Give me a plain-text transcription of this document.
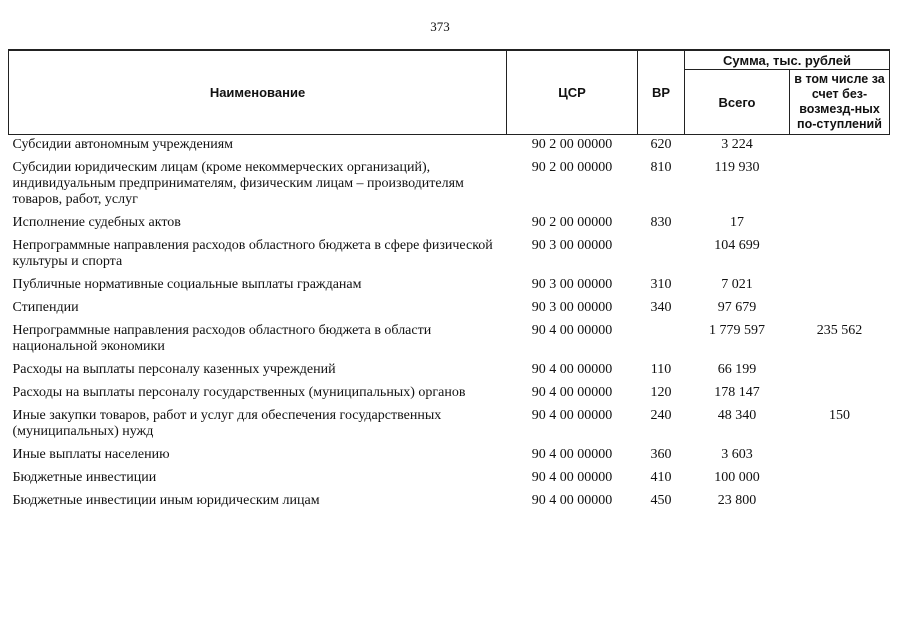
373
Наименование	ЦСР	ВР	Сумма, тыс. рублей	
			Всего	в том числе за счет без-возмезд-ных по-ступлений
Субсидии автономным учреждениям	90 2 00 00000	620	3 224	
Субсидии юридическим лицам (кроме некоммерческих организаций), индивидуальным предпринимателям, физическим лицам – производителям товаров, работ, услуг	90 2 00 00000	810	119 930	
Исполнение судебных актов	90 2 00 00000	830	17	
Непрограммные направления расходов областного бюджета в сфере физической культуры и спорта	90 3 00 00000		104 699	
Публичные нормативные социальные выплаты гражданам	90 3 00 00000	310	7 021	
Стипендии	90 3 00 00000	340	97 679	
Непрограммные направления расходов областного бюджета в области национальной экономики	90 4 00 00000		1 779 597	235 562
Расходы на выплаты персоналу казенных учреждений	90 4 00 00000	110	66 199	
Расходы на выплаты персоналу государственных (муниципальных) органов	90 4 00 00000	120	178 147	
Иные закупки товаров, работ и услуг для обеспечения государственных (муниципальных) нужд	90 4 00 00000	240	48 340	150
Иные выплаты населению	90 4 00 00000	360	3 603	
Бюджетные инвестиции	90 4 00 00000	410	100 000	
Бюджетные инвестиции иным юридическим лицам	90 4 00 00000	450	23 800	
